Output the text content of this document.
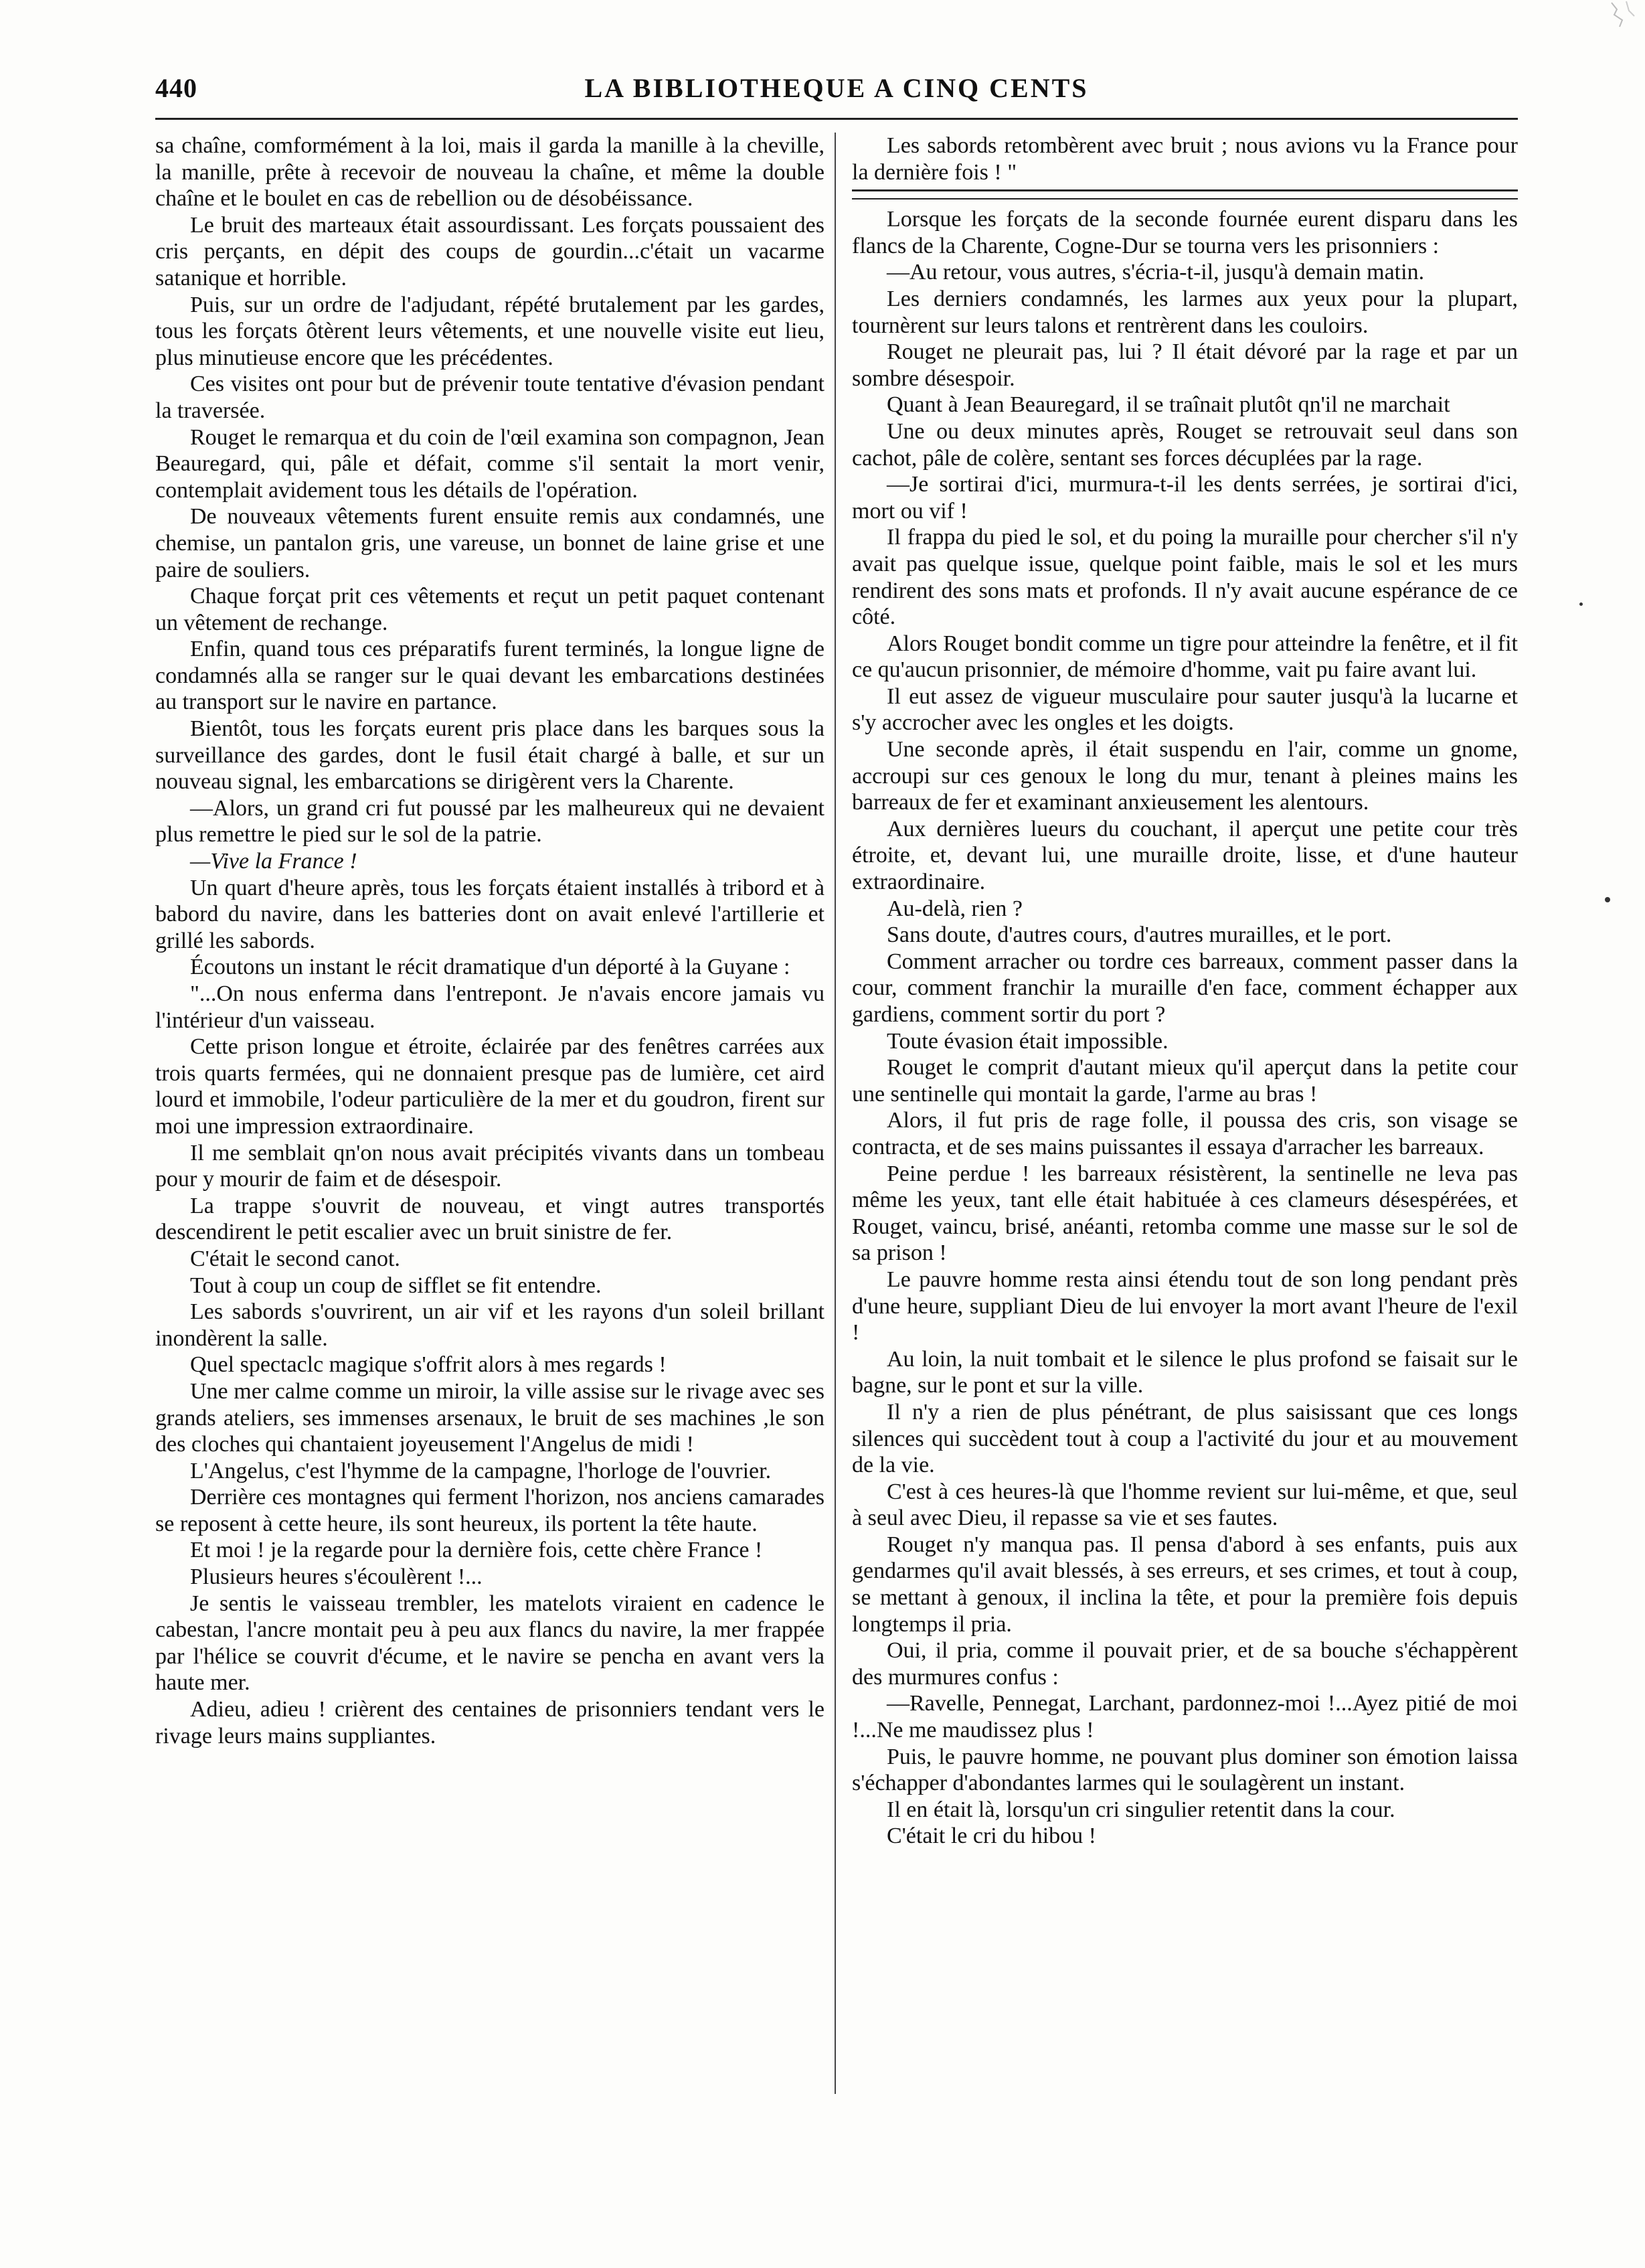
440	LA BIBLIOTHEQUE A CINQ CENTS

sa chaîne, comformément à la loi, mais il garda la manille à la cheville, la manille, prête à recevoir de nouveau la chaîne, et même la double chaîne et le boulet en cas de rebellion ou de désobéissance.

Le bruit des marteaux était assourdissant. Les forçats poussaient des cris perçants, en dépit des coups de gourdin...c'était un vacarme satanique et horrible.

Puis, sur un ordre de l'adjudant, répété brutalement par les gardes, tous les forçats ôtèrent leurs vêtements, et une nouvelle visite eut lieu, plus minutieuse encore que les précédentes.

Ces visites ont pour but de prévenir toute tentative d'évasion pendant la traversée.

Rouget le remarqua et du coin de l'œil examina son compagnon, Jean Beauregard, qui, pâle et défait, comme s'il sentait la mort venir, contemplait avidement tous les détails de l'opération.

De nouveaux vêtements furent ensuite remis aux condamnés, une chemise, un pantalon gris, une vareuse, un bonnet de laine grise et une paire de souliers.

Chaque forçat prit ces vêtements et reçut un petit paquet contenant un vêtement de rechange.

Enfin, quand tous ces préparatifs furent terminés, la longue ligne de condamnés alla se ranger sur le quai devant les embarcations destinées au transport sur le navire en partance.

Bientôt, tous les forçats eurent pris place dans les barques sous la surveillance des gardes, dont le fusil était chargé à balle, et sur un nouveau signal, les embarcations se dirigèrent vers la Charente.

—Alors, un grand cri fut poussé par les malheureux qui ne devaient plus remettre le pied sur le sol de la patrie.

—Vive la France !

Un quart d'heure après, tous les forçats étaient installés à tribord et à babord du navire, dans les batteries dont on avait enlevé l'artillerie et grillé les sabords.

Écoutons un instant le récit dramatique d'un déporté à la Guyane :

"...On nous enferma dans l'entrepont. Je n'avais encore jamais vu l'intérieur d'un vaisseau.

Cette prison longue et étroite, éclairée par des fenêtres carrées aux trois quarts fermées, qui ne donnaient presque pas de lumière, cet aird lourd et immobile, l'odeur particulière de la mer et du goudron, firent sur moi une impression extraordinaire.

Il me semblait qn'on nous avait précipités vivants dans un tombeau pour y mourir de faim et de désespoir.

La trappe s'ouvrit de nouveau, et vingt autres transportés descendirent le petit escalier avec un bruit sinistre de fer.

C'était le second canot.

Tout à coup un coup de sifflet se fit entendre.

Les sabords s'ouvrirent, un air vif et les rayons d'un soleil brillant inondèrent la salle.

Quel spectaclc magique s'offrit alors à mes regards !

Une mer calme comme un miroir, la ville assise sur le rivage avec ses grands ateliers, ses immenses arsenaux, le bruit de ses machines ,le son des cloches qui chantaient joyeusement l'Angelus de midi !

L'Angelus, c'est l'hymme de la campagne, l'horloge de l'ouvrier.

Derrière ces montagnes qui ferment l'horizon, nos anciens camarades se reposent à cette heure, ils sont heureux, ils portent la tête haute.

Et moi ! je la regarde pour la dernière fois, cette chère France !

Plusieurs heures s'écoulèrent !...

Je sentis le vaisseau trembler, les matelots viraient en cadence le cabestan, l'ancre montait peu à peu aux flancs du navire, la mer frappée par l'hélice se couvrit d'écume, et le navire se pencha en avant vers la haute mer.

Adieu, adieu ! crièrent des centaines de prisonniers tendant vers le rivage leurs mains suppliantes.

Les sabords retombèrent avec bruit ; nous avions vu la France pour la dernière fois ! "

Lorsque les forçats de la seconde fournée eurent disparu dans les flancs de la Charente, Cogne-Dur se tourna vers les prisonniers :

—Au retour, vous autres, s'écria-t-il, jusqu'à demain matin.

Les derniers condamnés, les larmes aux yeux pour la plupart, tournèrent sur leurs talons et rentrèrent dans les couloirs.

Rouget ne pleurait pas, lui ? Il était dévoré par la rage et par un sombre désespoir.

Quant à Jean Beauregard, il se traînait plutôt qn'il ne marchait

Une ou deux minutes après, Rouget se retrouvait seul dans son cachot, pâle de colère, sentant ses forces décuplées par la rage.

—Je sortirai d'ici, murmura-t-il les dents serrées, je sortirai d'ici, mort ou vif !

Il frappa du pied le sol, et du poing la muraille pour chercher s'il n'y avait pas quelque issue, quelque point faible, mais le sol et les murs rendirent des sons mats et profonds. Il n'y avait aucune espérance de ce côté.

Alors Rouget bondit comme un tigre pour atteindre la fenêtre, et il fit ce qu'aucun prisonnier, de mémoire d'homme, vait pu faire avant lui.

Il eut assez de vigueur musculaire pour sauter jusqu'à la lucarne et s'y accrocher avec les ongles et les doigts.

Une seconde après, il était suspendu en l'air, comme un gnome, accroupi sur ces genoux le long du mur, tenant à pleines mains les barreaux de fer et examinant anxieusement les alentours.

Aux dernières lueurs du couchant, il aperçut une petite cour très étroite, et, devant lui, une muraille droite, lisse, et d'une hauteur extraordinaire.

Au-delà, rien ?

Sans doute, d'autres cours, d'autres murailles, et le port.

Comment arracher ou tordre ces barreaux, comment passer dans la cour, comment franchir la muraille d'en face, comment échapper aux gardiens, comment sortir du port ?

Toute évasion était impossible.

Rouget le comprit d'autant mieux qu'il aperçut dans la petite cour une sentinelle qui montait la garde, l'arme au bras !

Alors, il fut pris de rage folle, il poussa des cris, son visage se contracta, et de ses mains puissantes il essaya d'arracher les barreaux.

Peine perdue ! les barreaux résistèrent, la sentinelle ne leva pas même les yeux, tant elle était habituée à ces clameurs désespérées, et Rouget, vaincu, brisé, anéanti, retomba comme une masse sur le sol de sa prison !

Le pauvre homme resta ainsi étendu tout de son long pendant près d'une heure, suppliant Dieu de lui envoyer la mort avant l'heure de l'exil !

Au loin, la nuit tombait et le silence le plus profond se faisait sur le bagne, sur le pont et sur la ville.

Il n'y a rien de plus pénétrant, de plus saisissant que ces longs silences qui succèdent tout à coup a l'activité du jour et au mouvement de la vie.

C'est à ces heures-là que l'homme revient sur lui-même, et que, seul à seul avec Dieu, il repasse sa vie et ses fautes.

Rouget n'y manqua pas. Il pensa d'abord à ses enfants, puis aux gendarmes qu'il avait blessés, à ses erreurs, et ses crimes, et tout à coup, se mettant à genoux, il inclina la tête, et pour la première fois depuis longtemps il pria.

Oui, il pria, comme il pouvait prier, et de sa bouche s'échappèrent des murmures confus :

—Ravelle, Pennegat, Larchant, pardonnez-moi !...Ayez pitié de moi !...Ne me maudissez plus !

Puis, le pauvre homme, ne pouvant plus dominer son émotion laissa s'échapper d'abondantes larmes qui le soulagèrent un instant.

Il en était là, lorsqu'un cri singulier retentit dans la cour.

C'était le cri du hibou !
